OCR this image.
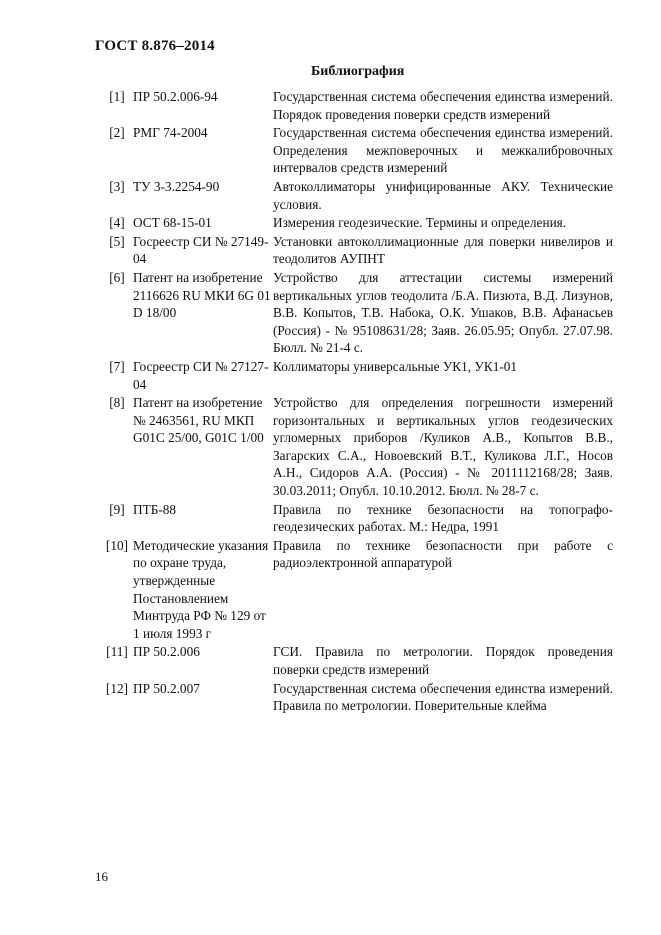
ГОСТ 8.876–2014
Библиография
[1]	ПР 50.2.006-94	Государственная система обеспечения единства измерений. Порядок проведения поверки средств измерений
[2]	РМГ 74-2004	Государственная система обеспечения единства измерений. Определения межповерочных и межкалибровочных интервалов средств измерений
[3]	ТУ 3-3.2254-90	Автоколлиматоры унифицированные АКУ. Технические условия.
[4]	ОСТ 68-15-01	Измерения геодезические. Термины и определения.
[5]	Госреестр СИ № 27149-04	Установки автоколлимационные для поверки нивелиров и теодолитов АУПНТ
[6]	Патент на изобретение 2116626 RU МКИ 6G 01 D 18/00	Устройство для аттестации системы измерений вертикальных углов теодолита /Б.А. Пизюта, В.Д. Лизунов, В.В. Копытов, Т.В. Набока, О.К. Ушаков, В.В. Афанасьев (Россия) - № 95108631/28; Заяв. 26.05.95; Опубл. 27.07.98. Бюлл. № 21-4 с.
[7]	Госреестр СИ № 27127-04	Коллиматоры универсальные УК1, УК1-01
[8]	Патент на изобретение № 2463561, RU МКП G01C 25/00, G01C 1/00	Устройство для определения погрешности измерений горизонтальных и вертикальных углов геодезических угломерных приборов /Куликов А.В., Копытов В.В., Загарских С.А., Новоевский В.Т., Куликова Л.Г., Носов А.Н., Сидоров А.А. (Россия) - № 2011112168/28; Заяв. 30.03.2011; Опубл. 10.10.2012. Бюлл. № 28-7 с.
[9]	ПТБ-88	Правила по технике безопасности на топографо-геодезических работах. М.: Недра, 1991
[10]	Методические указания по охране труда, утвержденные Постановлением Минтруда РФ № 129 от 1 июля 1993 г	Правила по технике безопасности при работе с радиоэлектронной аппаратурой
[11]	ПР 50.2.006	ГСИ. Правила по метрологии. Порядок проведения поверки средств измерений
[12]	ПР 50.2.007	Государственная система обеспечения единства измерений. Правила по метрологии. Поверительные клейма
16
